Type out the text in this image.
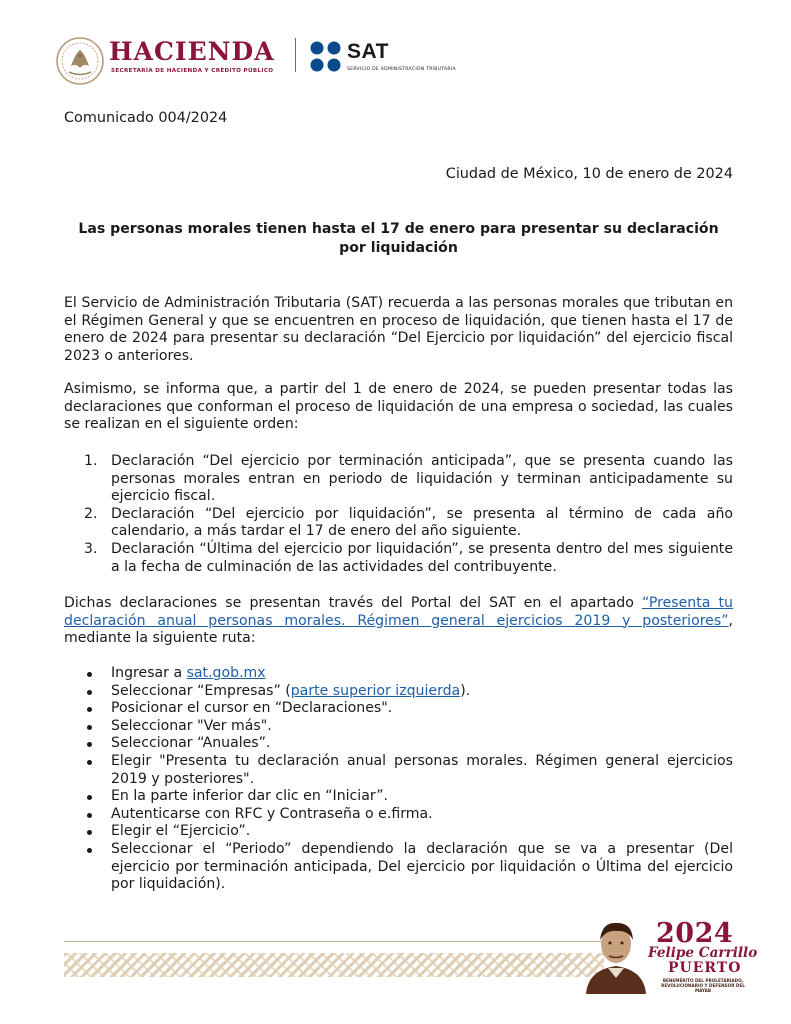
HACIENDA
SECRETARÍA DE HACIENDA Y CRÉDITO PÚBLICO
SAT
SERVICIO DE ADMINISTRACIÓN TRIBUTARIA
Comunicado 004/2024
Ciudad de México, 10 de enero de 2024
Las personas morales tienen hasta el 17 de enero para presentar su declaración por liquidación

El Servicio de Administración Tributaria (SAT) recuerda a las personas morales que tributan en el Régimen General y que se encuentren en proceso de liquidación, que tienen hasta el 17 de enero de 2024 para presentar su declaración “Del Ejercicio por liquidación” del ejercicio fiscal 2023 o anteriores.

Asimismo, se informa que, a partir del 1 de enero de 2024, se pueden presentar todas las declaraciones que conforman el proceso de liquidación de una empresa o sociedad, las cuales se realizan en el siguiente orden:

1. Declaración “Del ejercicio por terminación anticipada”, que se presenta cuando las personas morales entran en periodo de liquidación y terminan anticipadamente su ejercicio fiscal.
2. Declaración “Del ejercicio por liquidación”, se presenta al término de cada año calendario, a más tardar el 17 de enero del año siguiente.
3. Declaración “Última del ejercicio por liquidación”, se presenta dentro del mes siguiente a la fecha de culminación de las actividades del contribuyente.

Dichas declaraciones se presentan través del Portal del SAT en el apartado “Presenta tu declaración anual personas morales. Régimen general ejercicios 2019 y posteriores”, mediante la siguiente ruta:

Ingresar a sat.gob.mx
Seleccionar “Empresas” (parte superior izquierda).
Posicionar el cursor en “Declaraciones".
Seleccionar "Ver más".
Seleccionar “Anuales”.
Elegir "Presenta tu declaración anual personas morales. Régimen general ejercicios 2019 y posteriores".
En la parte inferior dar clic en “Iniciar”.
Autenticarse con RFC y Contraseña o e.firma.
Elegir el “Ejercicio”.
Seleccionar el “Periodo” dependiendo la declaración que se va a presentar (Del ejercicio por terminación anticipada, Del ejercicio por liquidación o Última del ejercicio por liquidación).
2024
Felipe Carrillo
PUERTO
BENEMÉRITO DEL PROLETARIADO, REVOLUCIONARIO Y DEFENSOR DEL MAYAB
